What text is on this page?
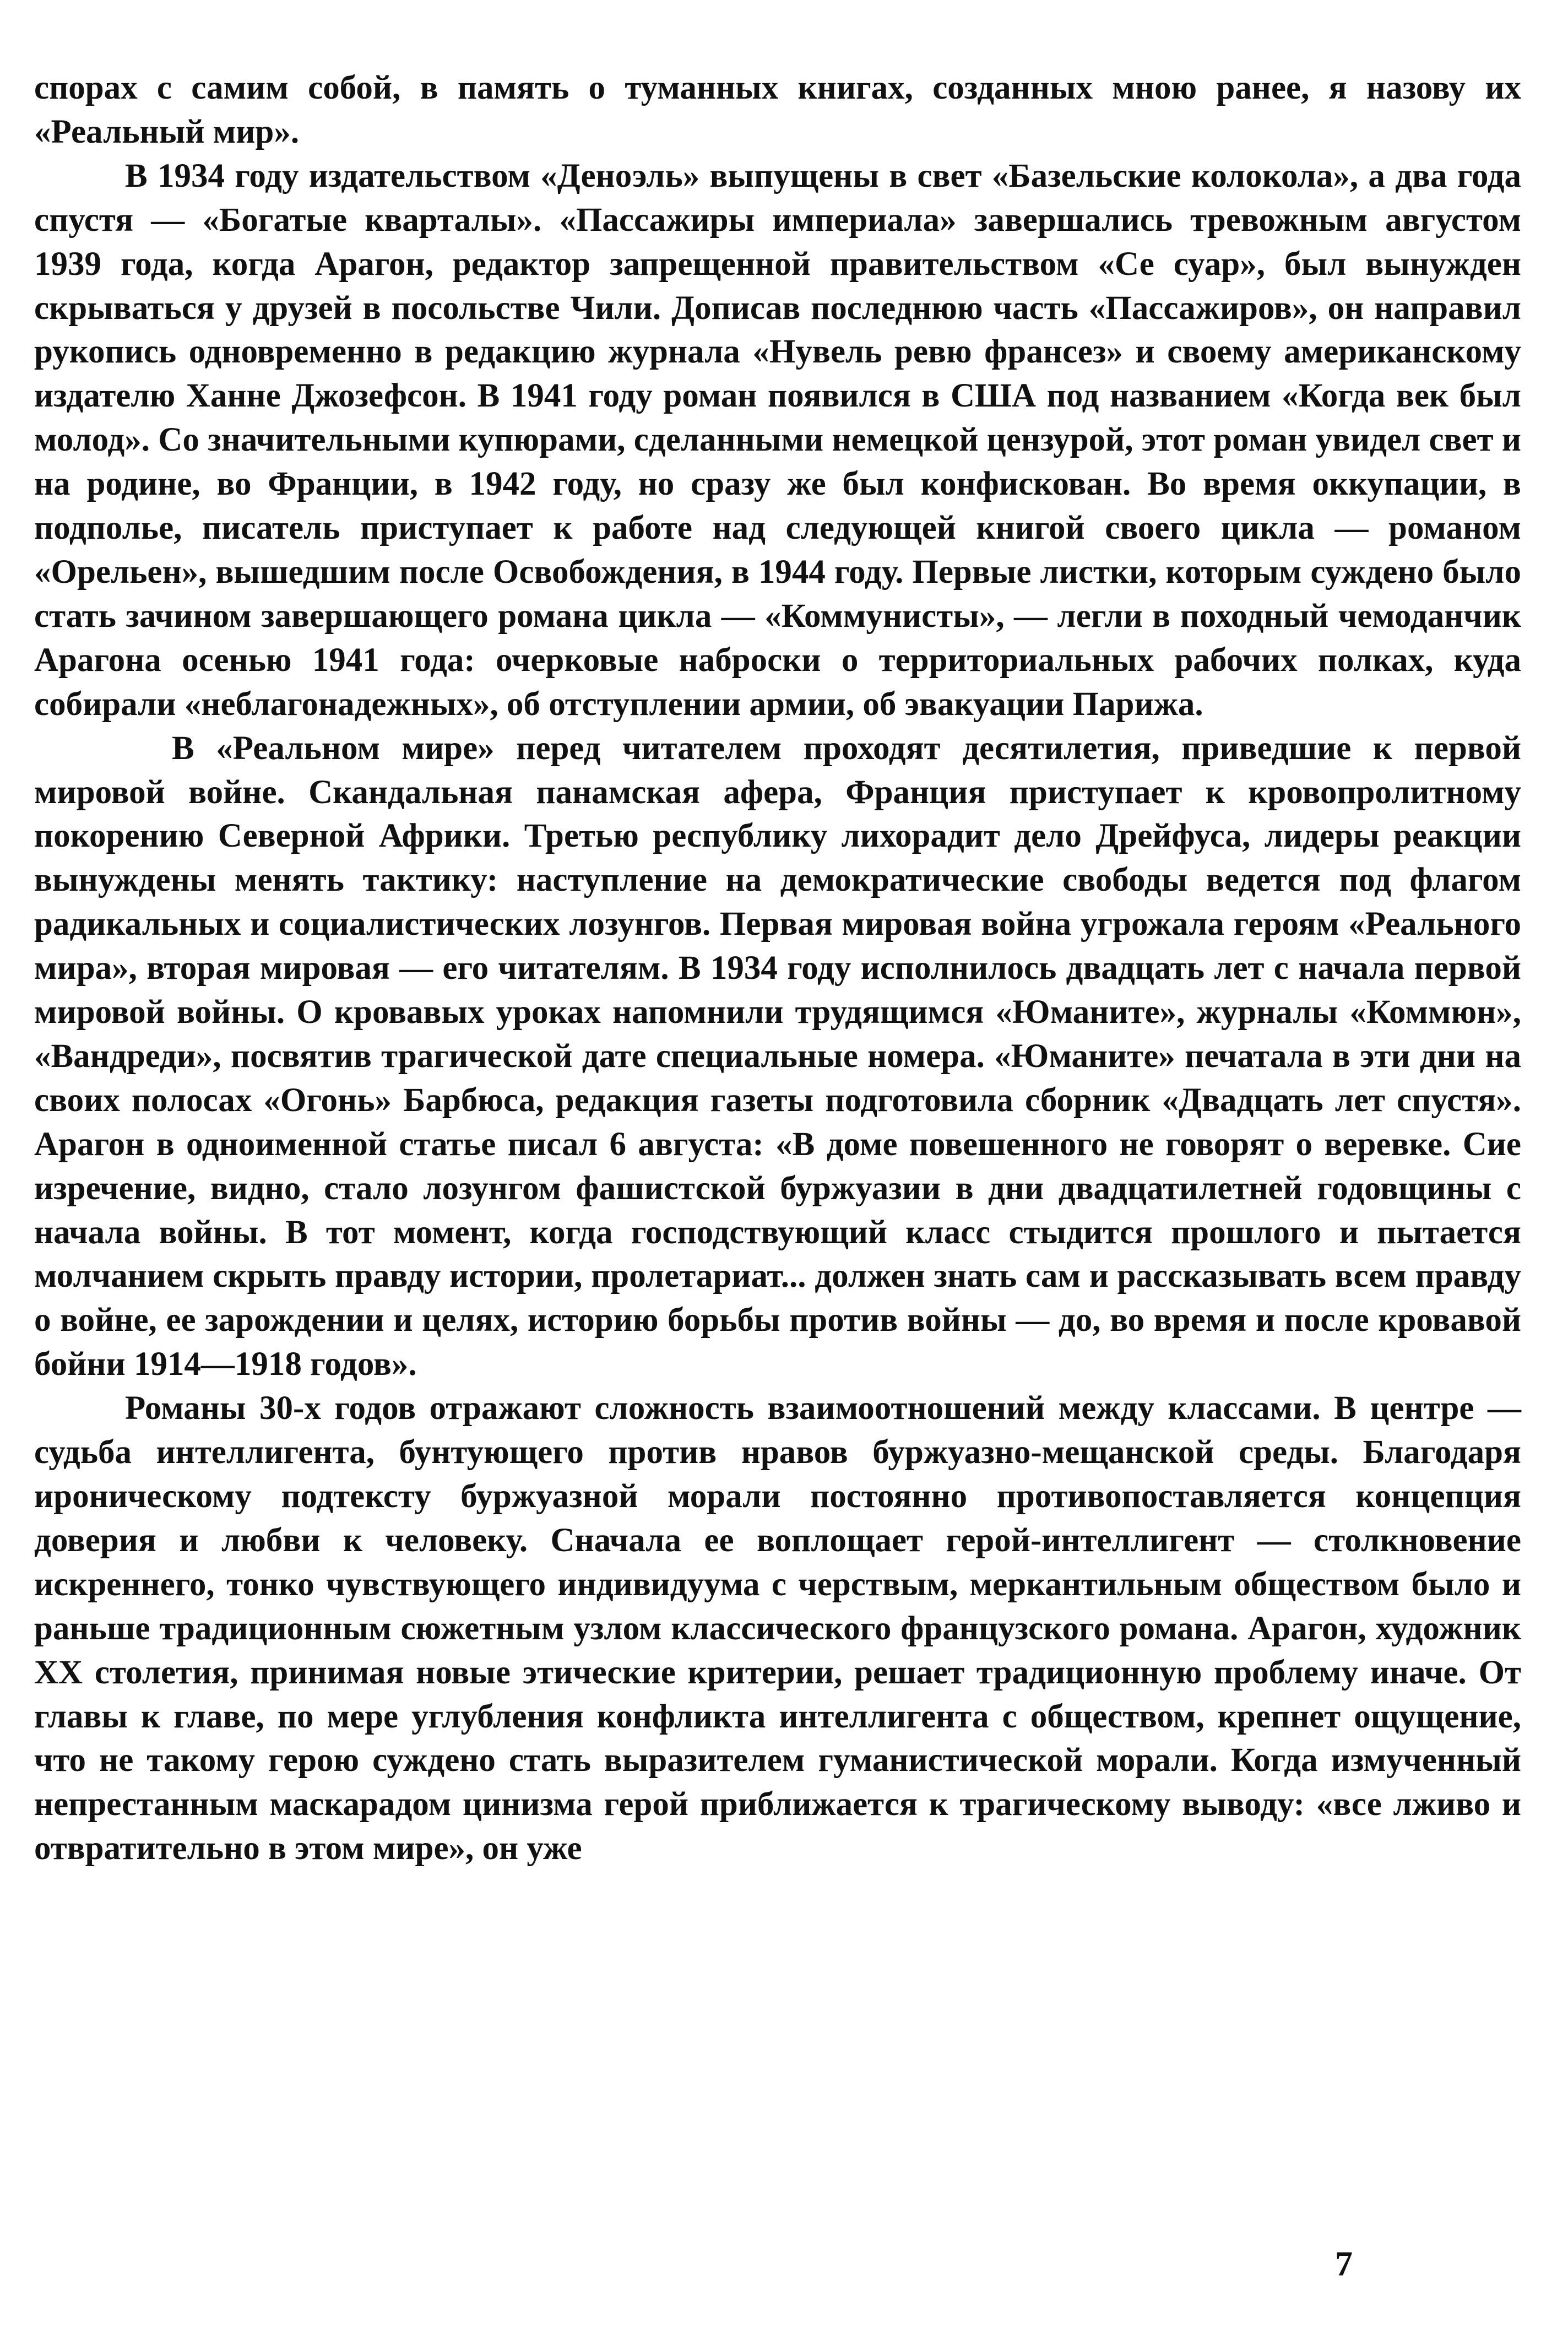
спорах с самим собой, в память о туманных книгах, созданных мною ранее, я назову их «Реальный мир».

В 1934 году издательством «Деноэль» выпущены в свет «Базельские колокола», а два года спустя — «Богатые кварталы». «Пассажиры империала» завершались тревожным августом 1939 года, когда Арагон, редактор запрещенной правительством «Се суар», был вынужден скрываться у друзей в посольстве Чили. Дописав последнюю часть «Пассажиров», он направил рукопись одновременно в редакцию журнала «Нувель ревю франсез» и своему американскому издателю Ханне Джозефсон. В 1941 году роман появился в США под названием «Когда век был молод». Со значительными купюрами, сделанными немецкой цензурой, этот роман увидел свет и на родине, во Франции, в 1942 году, но сразу же был конфискован. Во время оккупации, в подполье, писатель приступает к работе над следующей книгой своего цикла — романом «Орельен», вышедшим после Освобождения, в 1944 году. Первые листки, которым суждено было стать зачином завершающего романа цикла — «Коммунисты», — легли в походный чемоданчик Арагона осенью 1941 года: очерковые наброски о территориальных рабочих полках, куда собирали «неблагонадежных», об отступлении армии, об эвакуации Парижа.

В «Реальном мире» перед читателем проходят десятилетия, приведшие к первой мировой войне. Скандальная панамская афера, Франция приступает к кровопролитному покорению Северной Африки. Третью республику лихорадит дело Дрейфуса, лидеры реакции вынуждены менять тактику: наступление на демократические свободы ведется под флагом радикальных и социалистических лозунгов. Первая мировая война угрожала героям «Реального мира», вторая мировая — его читателям. В 1934 году исполнилось двадцать лет с начала первой мировой войны. О кровавых уроках напомнили трудящимся «Юманите», журналы «Коммюн», «Вандреди», посвятив трагической дате специальные номера. «Юманите» печатала в эти дни на своих полосах «Огонь» Барбюса, редакция газеты подготовила сборник «Двадцать лет спустя». Арагон в одноименной статье писал 6 августа: «В доме повешенного не говорят о веревке. Сие изречение, видно, стало лозунгом фашистской буржуазии в дни двадцатилетней годовщины с начала войны. В тот момент, когда господствующий класс стыдится прошлого и пытается молчанием скрыть правду истории, пролетариат... должен знать сам и рассказывать всем правду о войне, ее зарождении и целях, историю борьбы против войны — до, во время и после кровавой бойни 1914—1918 годов».

Романы 30-х годов отражают сложность взаимоотношений между классами. В центре — судьба интеллигента, бунтующего против нравов буржуазно-мещанской среды. Благодаря ироническому подтексту буржуазной морали постоянно противопоставляется концепция доверия и любви к человеку. Сначала ее воплощает герой-интеллигент — столкновение искреннего, тонко чувствующего индивидуума с черствым, меркантильным обществом было и раньше традиционным сюжетным узлом классического французского романа. Арагон, художник XX столетия, принимая новые этические критерии, решает традиционную проблему иначе. От главы к главе, по мере углубления конфликта интеллигента с обществом, крепнет ощущение, что не такому герою суждено стать выразителем гуманистической морали. Когда измученный непрестанным маскарадом цинизма герой приближается к трагическому выводу: «все лживо и отвратительно в этом мире», он уже

7
